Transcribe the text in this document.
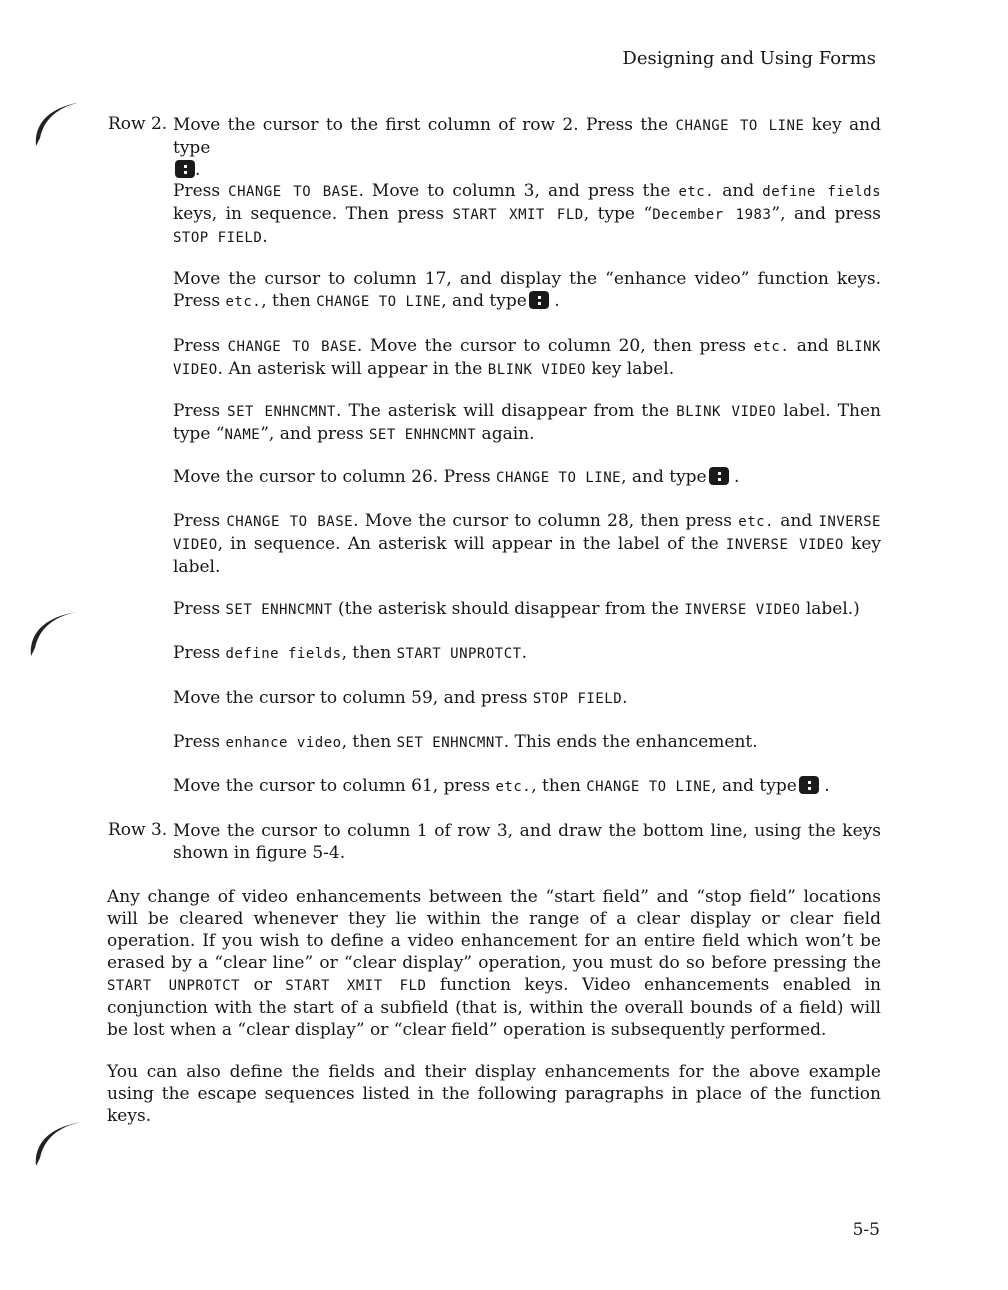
Designing and Using Forms
Row 2. Move the cursor to the first column of row 2. Press the CHANGE TO LINE key and type
.
Press CHANGE TO BASE. Move to column 3, and press the etc. and define fields keys, in sequence. Then press START XMIT FLD, type “December 1983”, and press STOP FIELD.
Move the cursor to column 17, and display the “enhance video” function keys. Press etc., then CHANGE TO LINE, and type .
Press CHANGE TO BASE. Move the cursor to column 20, then press etc. and BLINK VIDEO. An asterisk will appear in the BLINK VIDEO key label.
Press SET ENHNCMNT. The asterisk will disappear from the BLINK VIDEO label. Then type “NAME”, and press SET ENHNCMNT again.
Move the cursor to column 26. Press CHANGE TO LINE, and type .
Press CHANGE TO BASE. Move the cursor to column 28, then press etc. and INVERSE VIDEO, in sequence. An asterisk will appear in the label of the INVERSE VIDEO key label.
Press SET ENHNCMNT (the asterisk should disappear from the INVERSE VIDEO label.)
Press define fields, then START UNPROTCT.
Move the cursor to column 59, and press STOP FIELD.
Press enhance video, then SET ENHNCMNT. This ends the enhancement.
Move the cursor to column 61, press etc., then CHANGE TO LINE, and type .
Row 3. Move the cursor to column 1 of row 3, and draw the bottom line, using the keys shown in figure 5-4.
Any change of video enhancements between the “start field” and “stop field” locations will be cleared whenever they lie within the range of a clear display or clear field operation. If you wish to define a video enhancement for an entire field which won’t be erased by a “clear line” or “clear display” operation, you must do so before pressing the START UNPROTCT or START XMIT FLD function keys. Video enhancements enabled in conjunction with the start of a subfield (that is, within the overall bounds of a field) will be lost when a “clear display” or “clear field” operation is subsequently performed.
You can also define the fields and their display enhancements for the above example using the escape sequences listed in the following paragraphs in place of the function keys.
5-5
